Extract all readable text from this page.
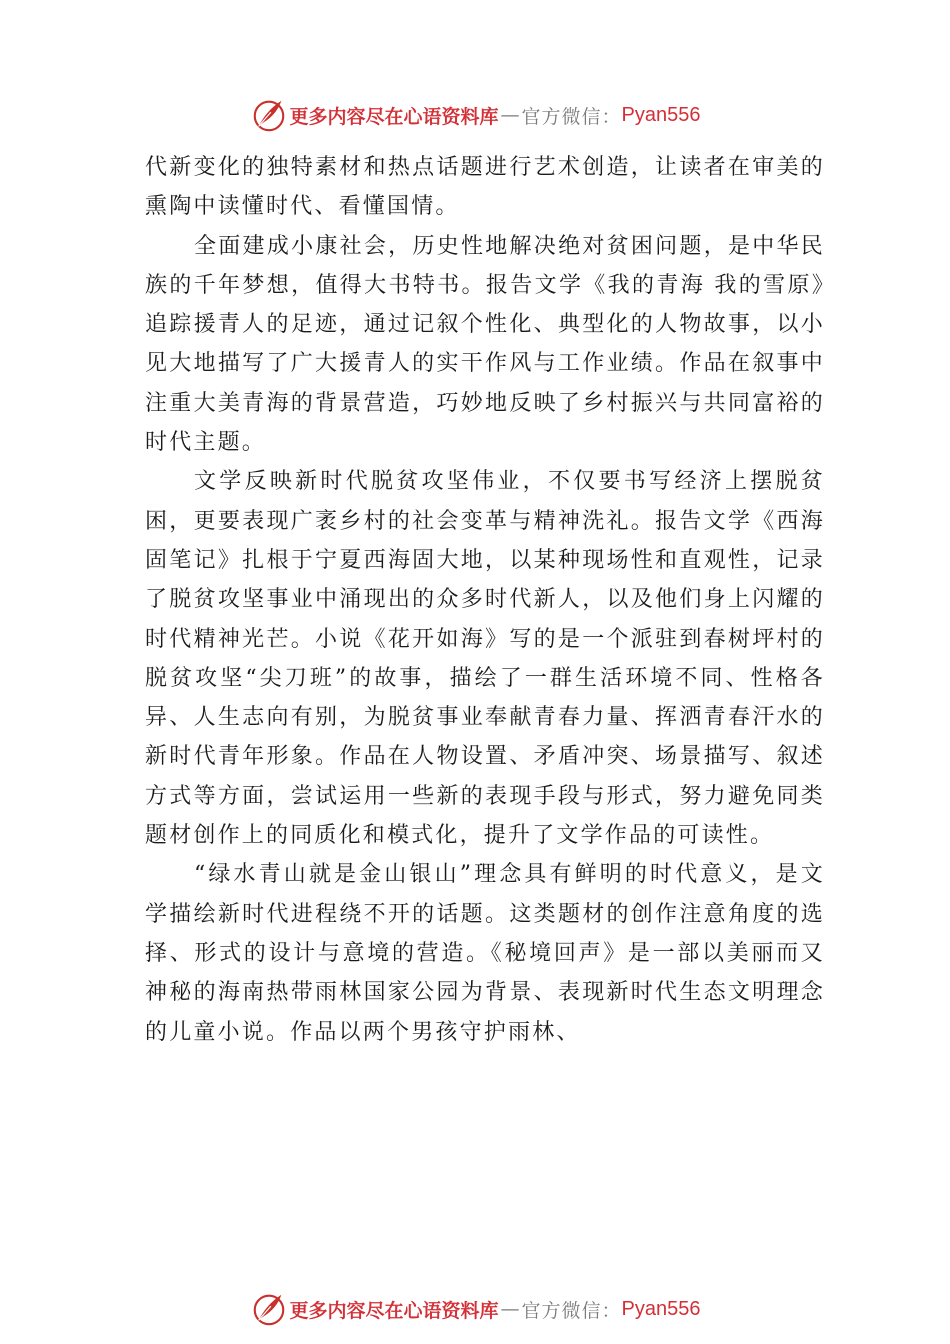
更多内容尽在心语资料库 — 官方微信： Pyan556

代新变化的独特素材和热点话题进行艺术创造，让读者在审美的熏陶中读懂时代、看懂国情。

全面建成小康社会，历史性地解决绝对贫困问题，是中华民族的千年梦想，值得大书特书。报告文学《我的青海 我的雪原》追踪援青人的足迹，通过记叙个性化、典型化的人物故事，以小见大地描写了广大援青人的实干作风与工作业绩。作品在叙事中注重大美青海的背景营造，巧妙地反映了乡村振兴与共同富裕的时代主题。

文学反映新时代脱贫攻坚伟业，不仅要书写经济上摆脱贫困，更要表现广袤乡村的社会变革与精神洗礼。报告文学《西海固笔记》扎根于宁夏西海固大地，以某种现场性和直观性，记录了脱贫攻坚事业中涌现出的众多时代新人，以及他们身上闪耀的时代精神光芒。小说《花开如海》写的是一个派驻到春树坪村的脱贫攻坚“尖刀班”的故事，描绘了一群生活环境不同、性格各异、人生志向有别，为脱贫事业奉献青春力量、挥洒青春汗水的新时代青年形象。作品在人物设置、矛盾冲突、场景描写、叙述方式等方面，尝试运用一些新的表现手段与形式，努力避免同类题材创作上的同质化和模式化，提升了文学作品的可读性。

“绿水青山就是金山银山”理念具有鲜明的时代意义，是文学描绘新时代进程绕不开的话题。这类题材的创作注意角度的选择、形式的设计与意境的营造。《秘境回声》是一部以美丽而又神秘的海南热带雨林国家公园为背景、表现新时代生态文明理念的儿童小说。作品以两个男孩守护雨林、

更多内容尽在心语资料库 — 官方微信： Pyan556
